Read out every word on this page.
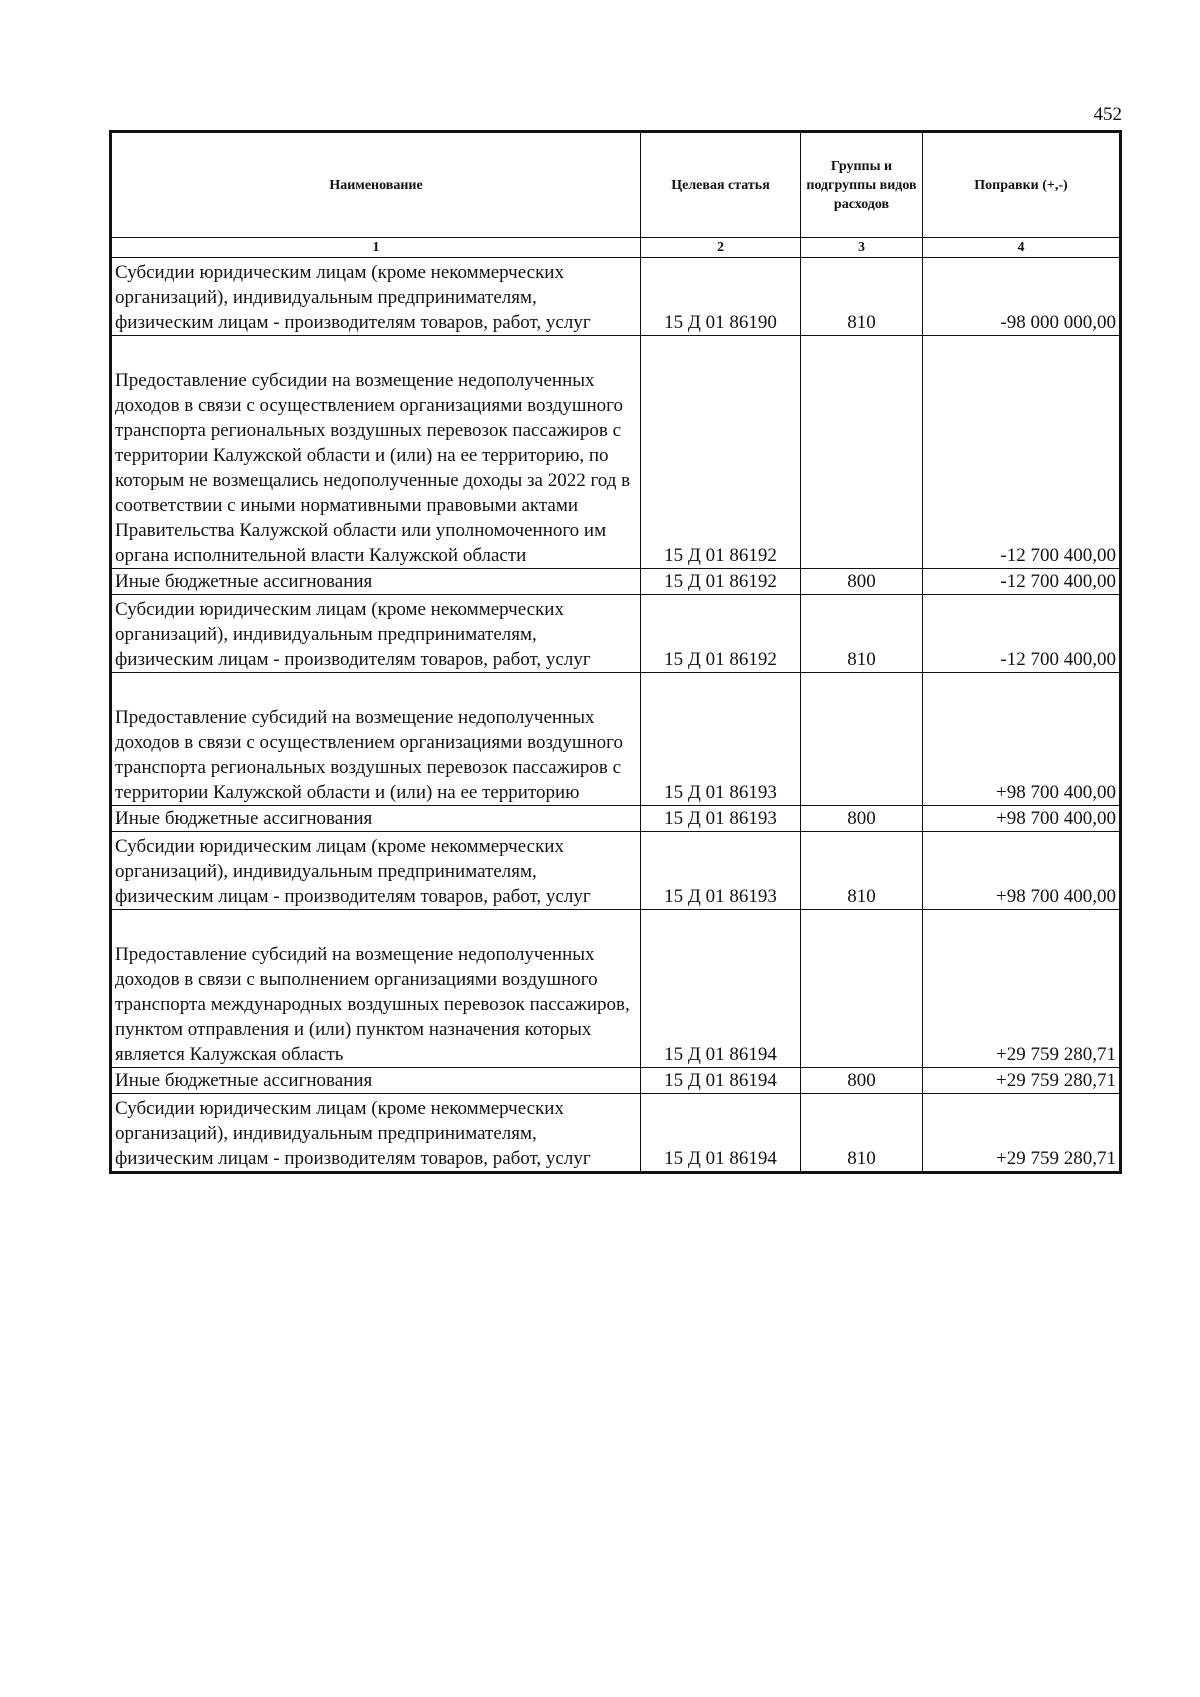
452
Наименование	Целевая статья	Группы и подгруппы видов расходов	Поправки (+,-)
1	2	3	4
Субсидии юридическим лицам (кроме некоммерческих организаций), индивидуальным предпринимателям, физическим лицам - производителям товаров, работ, услуг	15 Д 01 86190	810	-98 000 000,00
Предоставление субсидии на возмещение недополученных доходов в связи с осуществлением организациями воздушного транспорта региональных воздушных перевозок пассажиров с территории Калужской области и (или) на ее территорию, по которым не возмещались недополученные доходы за 2022 год в соответствии с иными нормативными правовыми актами Правительства Калужской области или уполномоченного им органа исполнительной власти Калужской области	15 Д 01 86192		-12 700 400,00
Иные бюджетные ассигнования	15 Д 01 86192	800	-12 700 400,00
Субсидии юридическим лицам (кроме некоммерческих организаций), индивидуальным предпринимателям, физическим лицам - производителям товаров, работ, услуг	15 Д 01 86192	810	-12 700 400,00
Предоставление субсидий на возмещение недополученных доходов в связи с осуществлением организациями воздушного транспорта региональных воздушных перевозок пассажиров с территории Калужской области и (или) на ее территорию	15 Д 01 86193		+98 700 400,00
Иные бюджетные ассигнования	15 Д 01 86193	800	+98 700 400,00
Субсидии юридическим лицам (кроме некоммерческих организаций), индивидуальным предпринимателям, физическим лицам - производителям товаров, работ, услуг	15 Д 01 86193	810	+98 700 400,00
Предоставление субсидий на возмещение недополученных доходов в связи с выполнением организациями воздушного транспорта международных воздушных перевозок пассажиров, пунктом отправления и (или) пунктом назначения которых является Калужская область	15 Д 01 86194		+29 759 280,71
Иные бюджетные ассигнования	15 Д 01 86194	800	+29 759 280,71
Субсидии юридическим лицам (кроме некоммерческих организаций), индивидуальным предпринимателям, физическим лицам - производителям товаров, работ, услуг	15 Д 01 86194	810	+29 759 280,71
